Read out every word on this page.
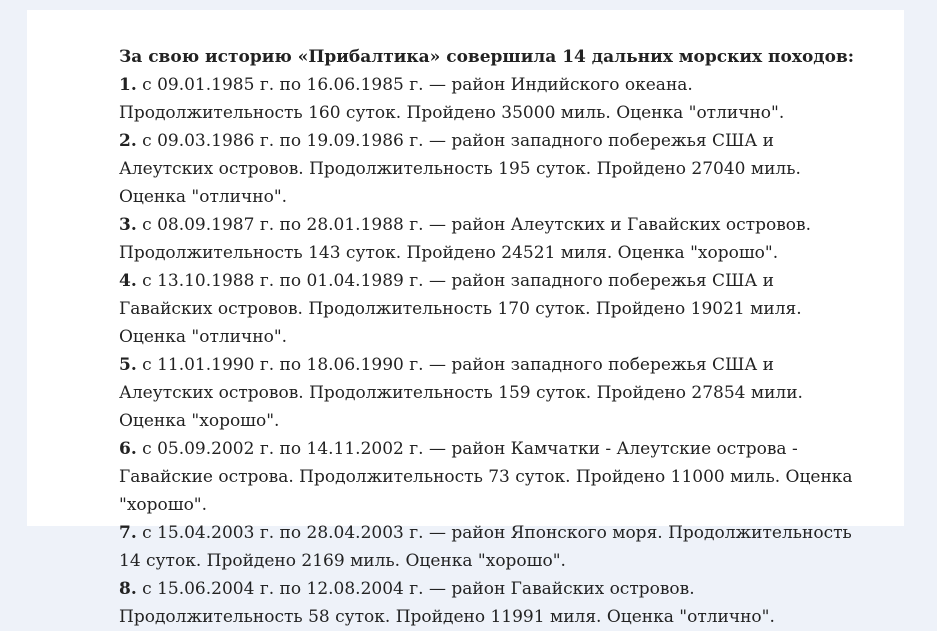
За свою историю «Прибалтика» совершила 14 дальних морских походов:

1. с 09.01.1985 г. по 16.06.1985 г. — район Индийского океана. Продолжительность 160 суток. Пройдено 35000 миль. Оценка "отлично".

2. с 09.03.1986 г. по 19.09.1986 г. — район западного побережья США и Алеутских островов. Продолжительность 195 суток. Пройдено 27040 миль. Оценка "отлично".

3. с 08.09.1987 г. по 28.01.1988 г. — район Алеутских и Гавайских островов. Продолжительность 143 суток. Пройдено 24521 миля. Оценка "хорошо".

4. с 13.10.1988 г. по 01.04.1989 г. — район западного побережья США и Гавайских островов. Продолжительность 170 суток. Пройдено 19021 миля. Оценка "отлично".

5. с 11.01.1990 г. по 18.06.1990 г. — район западного побережья США и Алеутских островов. Продолжительность 159 суток. Пройдено 27854 мили. Оценка "хорошо".

6. с 05.09.2002 г. по 14.11.2002 г. — район Камчатки - Алеутские острова - Гавайские острова. Продолжительность 73 суток. Пройдено 11000 миль. Оценка "хорошо".

7. с 15.04.2003 г. по 28.04.2003 г. — район Японского моря. Продолжительность 14 суток. Пройдено 2169 миль. Оценка "хорошо".

8. с 15.06.2004 г. по 12.08.2004 г. — район Гавайских островов. Продолжительность 58 суток. Пройдено 11991 миля. Оценка "отлично".
